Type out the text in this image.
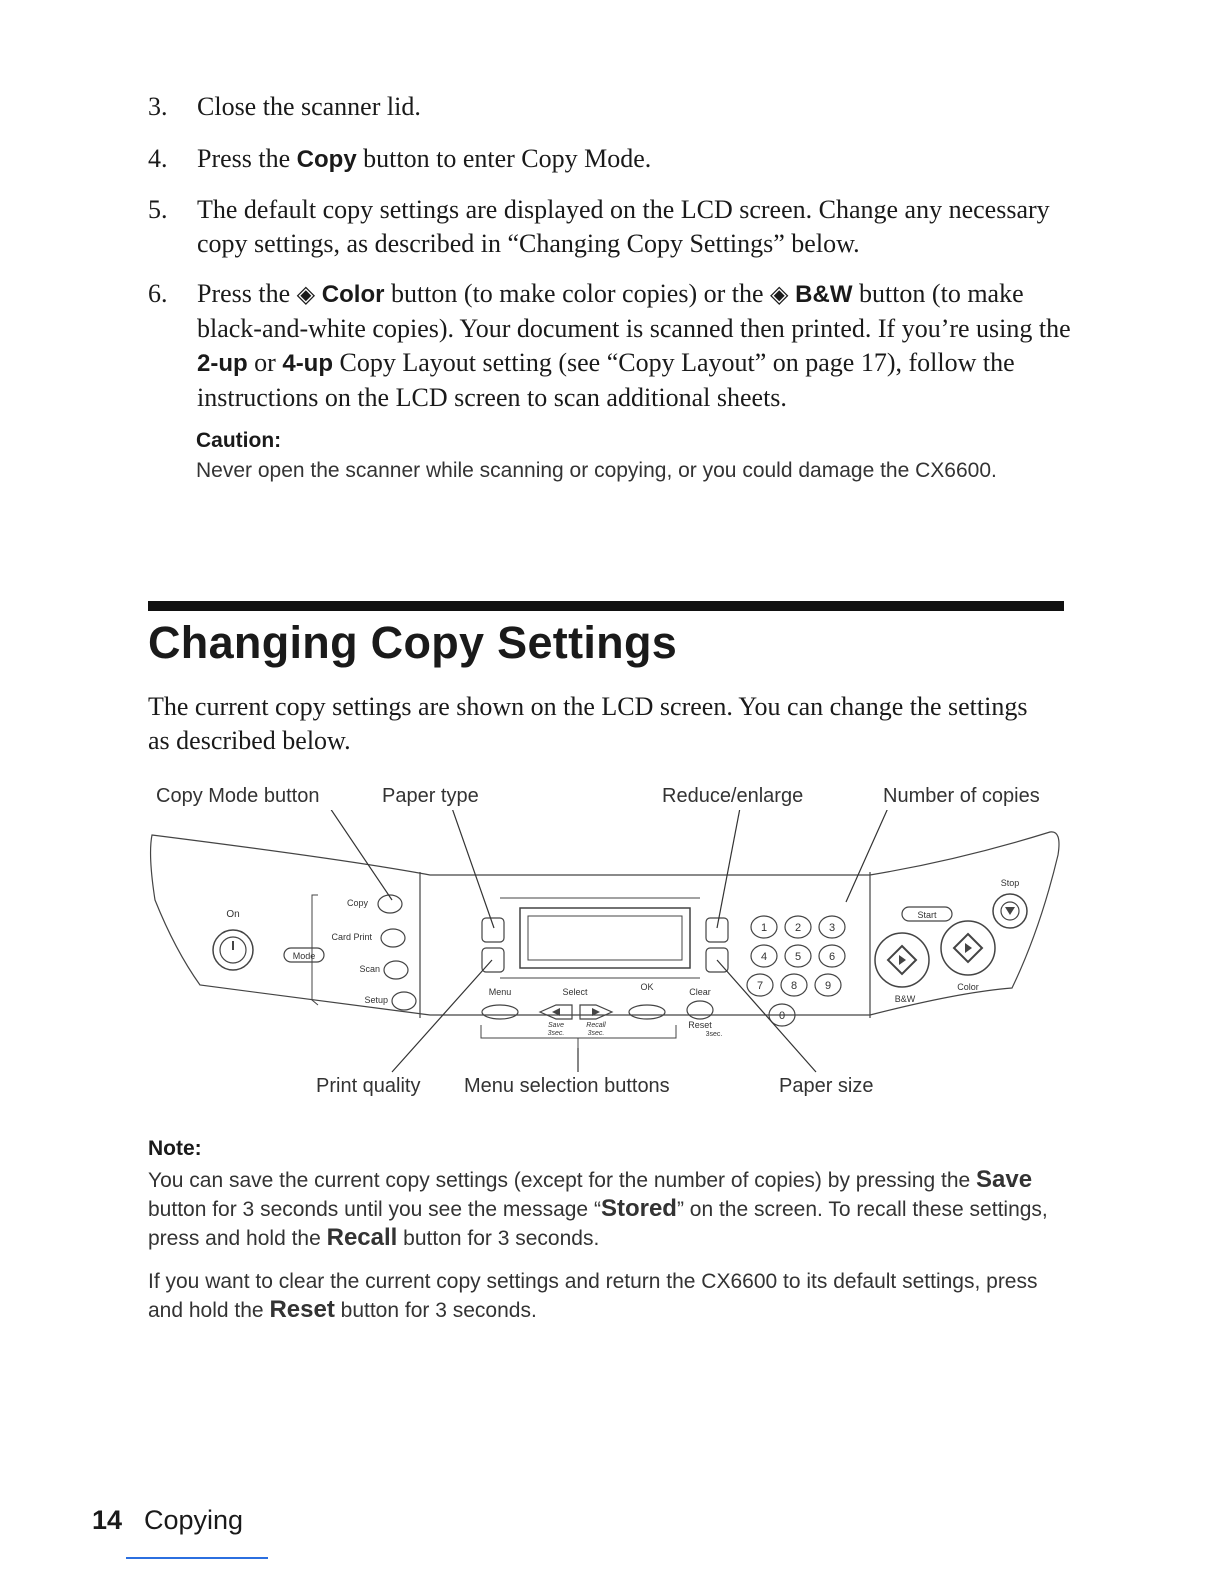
3. Close the scanner lid.
4. Press the Copy button to enter Copy Mode.
5. The default copy settings are displayed on the LCD screen. Change any necessary copy settings, as described in “Changing Copy Settings” below.
6. Press the ◈ Color button (to make color copies) or the ◈ B&W button (to make black-and-white copies). Your document is scanned then printed. If you’re using the 2-up or 4-up Copy Layout setting (see “Copy Layout” on page 17), follow the instructions on the LCD screen to scan additional sheets.
Caution:
Never open the scanner while scanning or copying, or you could damage the CX6600.
Changing Copy Settings
The current copy settings are shown on the LCD screen. You can change the settings as described below.
Copy Mode button	Paper type	Reduce/enlarge	Number of copies
Print quality Menu selection buttons	Paper size
On
Mode
Copy
Card Print
Scan
Setup
Menu	Select	OK	Clear
Save
3sec.
Recall
3sec.
Reset
3sec.
1	2	3
4	5	6
7	8	9
0
Stop
Start
B&W
Color
Note:
You can save the current copy settings (except for the number of copies) by pressing the Save button for 3 seconds until you see the message “Stored” on the screen. To recall these settings, press and hold the Recall button for 3 seconds.
If you want to clear the current copy settings and return the CX6600 to its default settings, press and hold the Reset button for 3 seconds.
14 Copying
